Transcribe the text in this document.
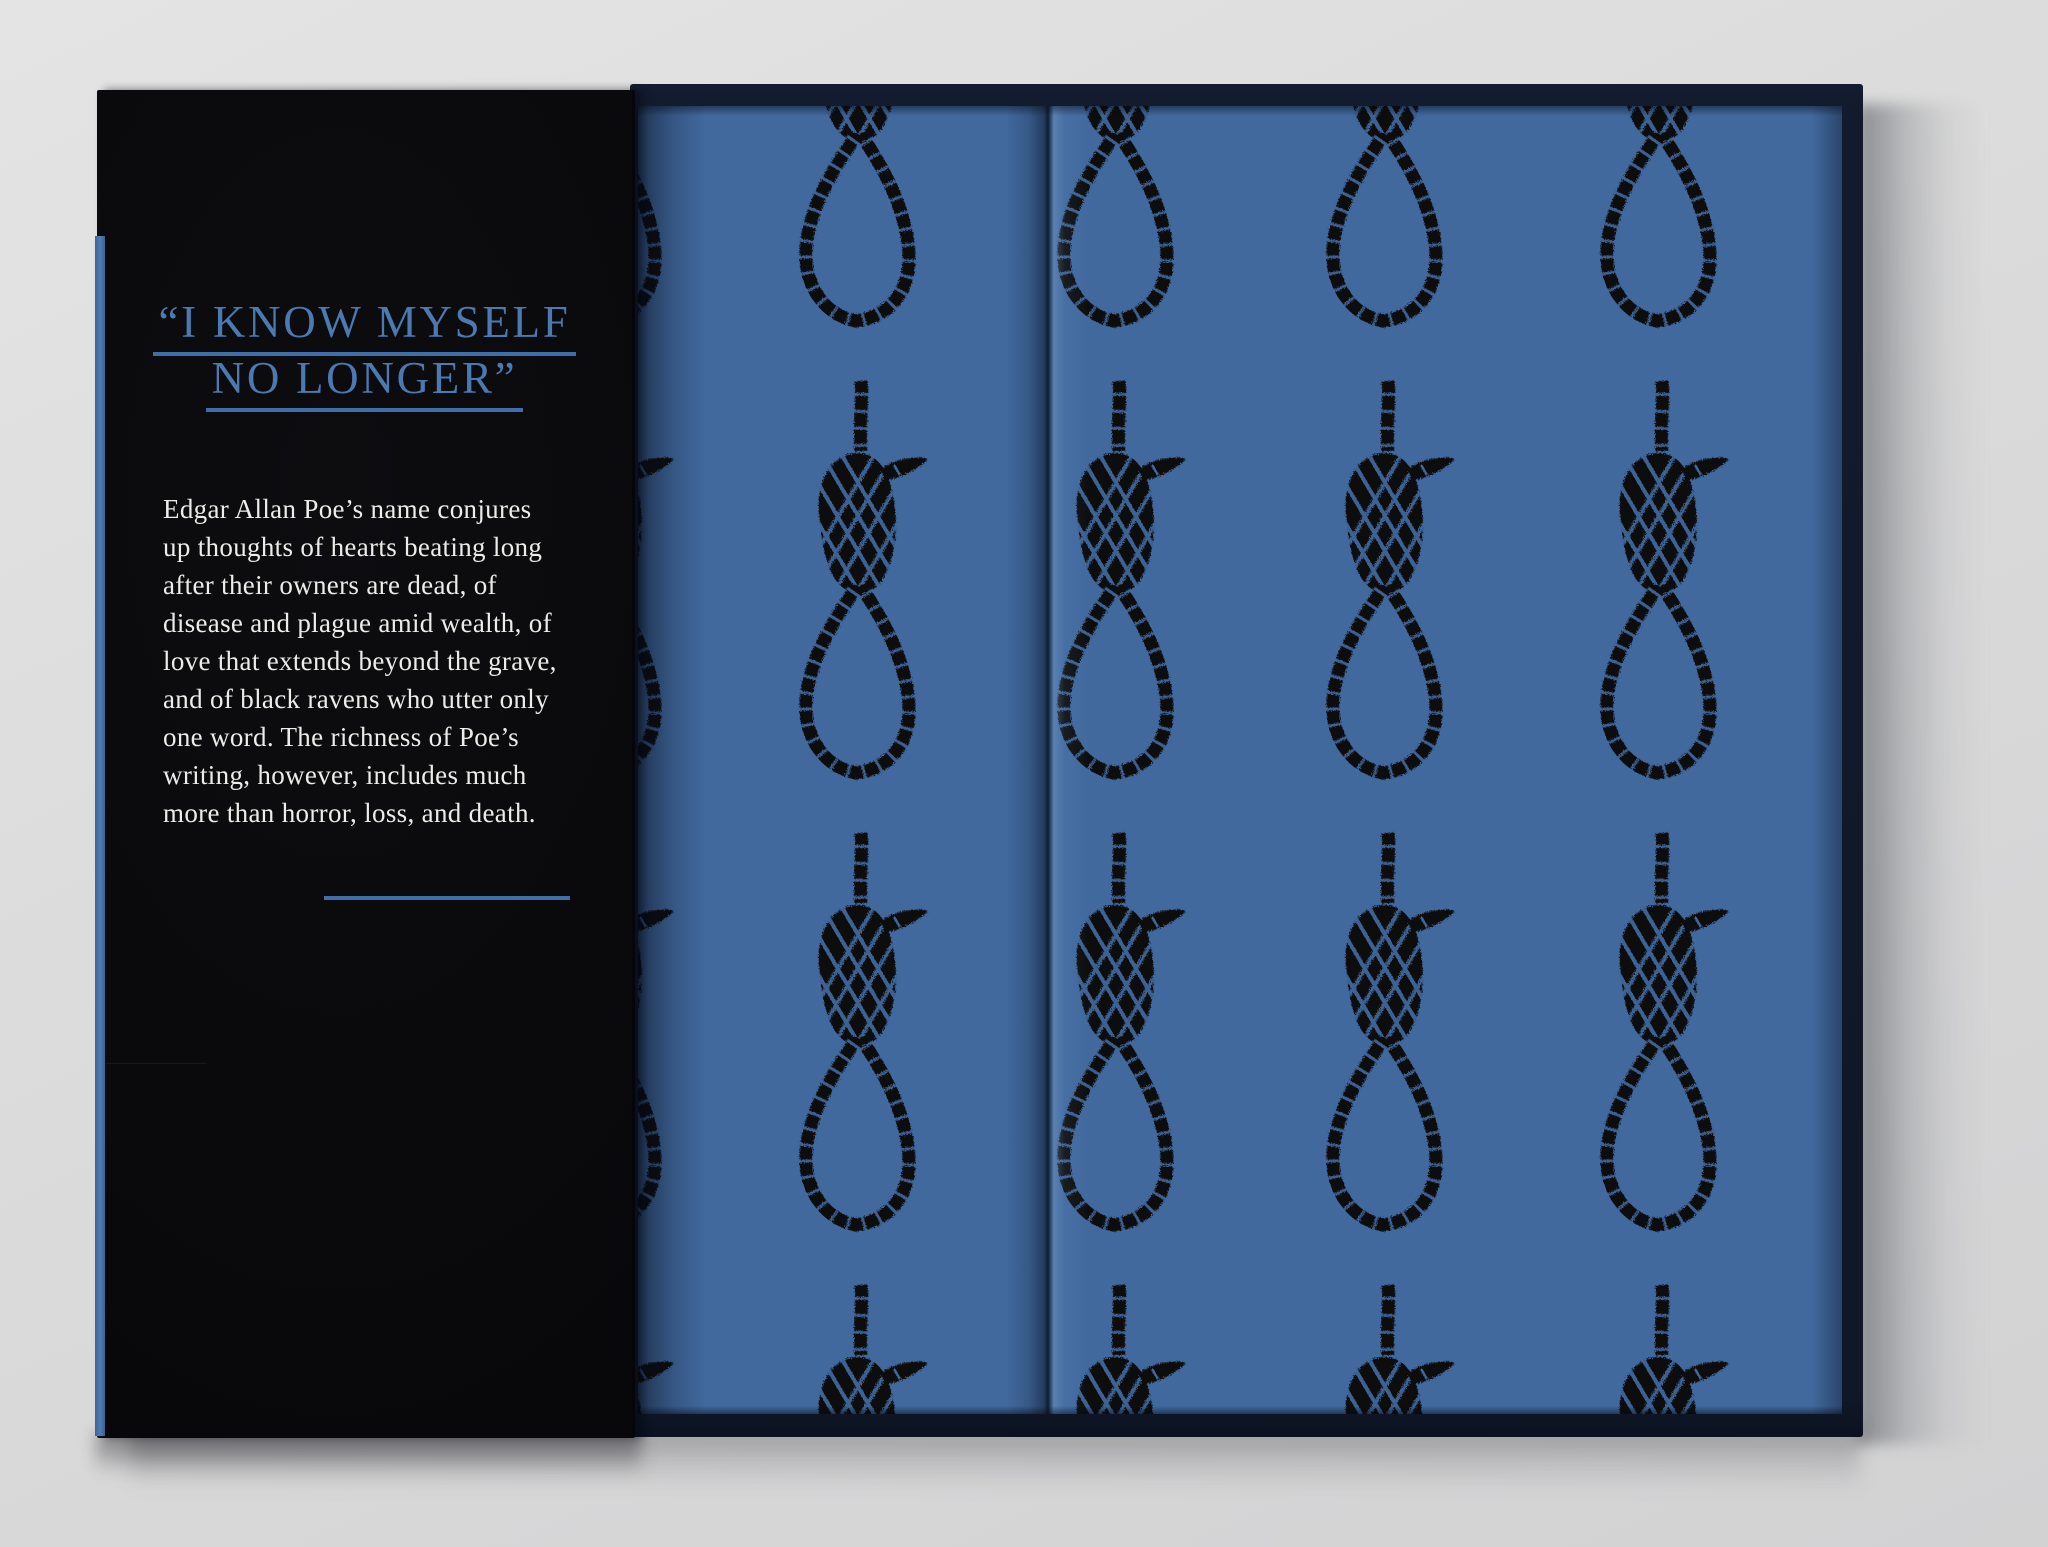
“I KNOW MYSELF
NO LONGER”
Edgar Allan Poe’s name conjures
up thoughts of hearts beating long
after their owners are dead, of
disease and plague amid wealth, of
love that extends beyond the grave,
and of black ravens who utter only
one word. The richness of Poe’s
writing, however, includes much
more than horror, loss, and death.
